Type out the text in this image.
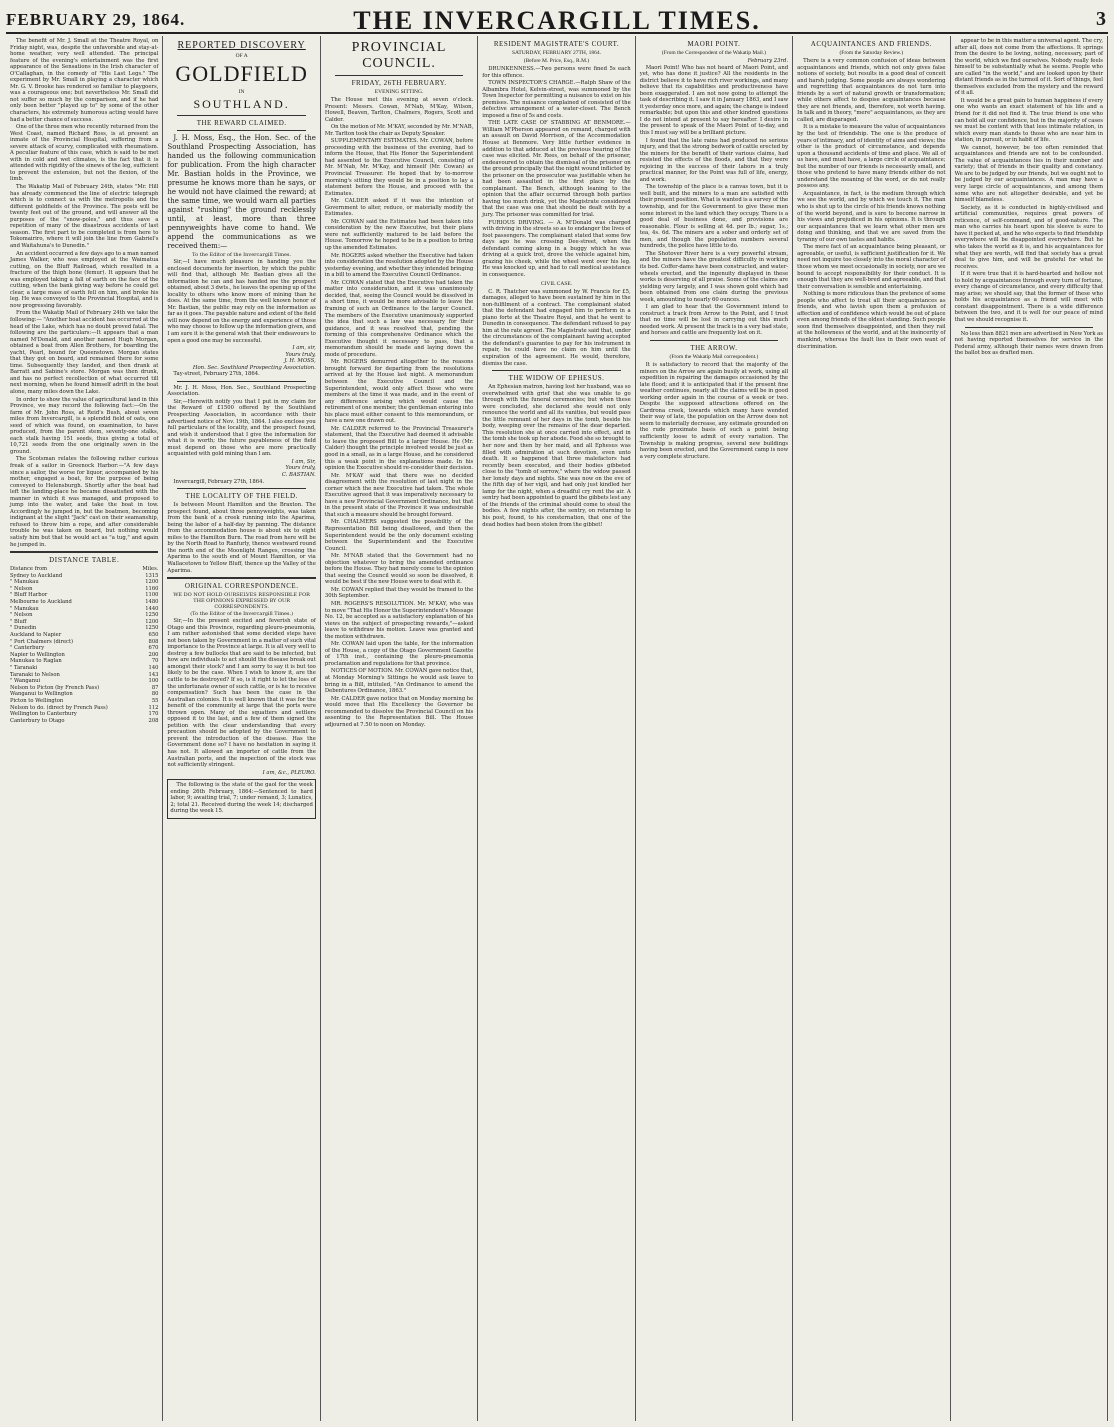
FEBRUARY 29, 1864.	THE INVERCARGILL TIMES.	3

The benefit of Mr. J. Small at the Theatre Royal, on Friday night, was, despite the unfavorable and stay-at-home weather, very well attended. The principal feature of the evening's entertainment was the first appearance of the Sensations in the Irish character of O'Callaghan, in the comedy of "His Last Legs." The experiment by Mr. Small in playing a character which Mr. G. V. Brooke has rendered so familiar to playgoers, was a courageous one; but nevertheless Mr. Small did not suffer so much by the comparison, and if he had only been better "played up to" by some of the other characters, his extremely humorous acting would have had a better chance of success.

One of the three men who recently returned from the West Coast, named Richard Ross, is at present an inmate of the Provincial Hospital, suffering from a severe attack of scurvy, complicated with rheumatism. A peculiar feature of this case, which is said to be met with in cold and wet climates, is the fact that it is attended with rigidity of the sinews of the leg, sufficient to prevent the extension, but not the flexion, of the limb.

The Wakatip Mail of February 24th, states "Mr. Hill has already commenced the line of electric telegraph which is to connect us with the metropolis and the different goldfields of the Province. The posts will be twenty feet out of the ground, and will answer all the purposes of the "snow-poles," and thus save a repetition of many of the disastrous accidents of last season. The first part to be completed is from here to Tokomairiro, where it will join the line from Gabriel's and Waitahuna's to Dunedin."

An accident occurred a few days ago to a man named James Walker, who was employed at the Waimatua cutting, on the Bluff Railroad, which resulted in a fracture of the thigh bone (femur). It appears that he was employed taking a fall of earth on the face of the cutting, when the bank giving way before he could get clear, a large mass of earth fell on him, and broke his leg. He was conveyed to the Provincial Hospital, and is now progressing favorably.

From the Wakatip Mail of February 24th we take the following:— "Another boat accident has occurred at the head of the Lake, which has no doubt proved fatal. The following are the particulars:—It appears that a man named M'Donald, and another named Hugh Morgan, obtained a boat from Allen Brothers, for boarding the yacht, Pearl, bound for Queenstown. Morgan states that they got on board, and remained there for some time. Subsequently they landed, and then drank at Barratt and Sabine's store. Morgan was then drunk, and has no perfect recollection of what occurred till next morning, when he found himself adrift in the boat alone, many miles down the Lake.

In order to show the value of agricultural land in this Province, we may record the following fact:—On the farm of Mr. John Ross, at Reid's Bush, about seven miles from Invercargill, is a splendid field of oats, one seed of which was found, on examination, to have produced, from the parent stem, seventy-one stalks, each stalk having 151 seeds, thus giving a total of 10,721 seeds from the one originally sown in the ground.

The Scotsman relates the following rather curious freak of a sailor in Greenock Harbor:—"A few days since a sailor, the worse for liquor, accompanied by his mother, engaged a boat, for the purpose of being conveyed to Helensburgh. Shortly after the boat had left the landing-place he became dissatisfied with the manner in which it was managed, and proposed to jump into the water, and take the boat in tow. Accordingly he jumped in, but the boatmen, becoming indignant at the slight "Jack" cast on their seamanship, refused to throw him a rope, and after considerable trouble he was taken on board, but nothing would satisfy him but that he would act as "a tug," and again he jumped in.

DISTANCE TABLE.
Distance from	Miles.
Sydney to Auckland	1315
" Manukau	1200
" Nelson	1160
" Bluff Harbor	1100
Melbourne to Auckland	1480
" Manukau	1440
" Nelson	1250
" Bluff	1200
" Dunedin	1250
Auckland to Napier	650
" Port Chalmers (direct)	808
" Canterbury	670
Napier to Wellington	200
Manukau to Raglan	70
" Taranaki	140
Taranaki to Nelson	143
" Wanganui	100
Nelson to Picton (by French Pass)	87
Wanganui to Wellington	80
Picton to Wellington	55
Nelson to do. (direct by French Pass)	112
Wellington to Canterbury	170
Canterbury to Otago	208
REPORTED DISCOVERY
OF A
GOLDFIELD
IN
SOUTHLAND.
THE REWARD CLAIMED.

J. H. Moss, Esq., the Hon. Sec. of the Southland Prospecting Association, has handed us the following communication for publication. From the high character Mr. Bastian holds in the Province, we presume he knows more than he says, or he would not have claimed the reward; at the same time, we would warn all parties against "rushing" the ground recklessly until, at least, more than three pennyweights have come to hand. We append the communications as we received them:—

To the Editor of the Invercargill Times.

Sir,—I have much pleasure in handing you the enclosed documents for insertion, by which the public will find that, although Mr. Bastian gives all the information he can and has handed me the prospect obtained, about 3 dwts., he leaves the opening up of the locality to others who know more of mining than he does. At the same time, from the well known honor of Mr. Bastian, the public may rely on the information as far as it goes. The payable nature and extent of the field will now depend on the energy and experience of those who may choose to follow up the information given, and I am sure it is the general wish that their endeavours to open a good one may be successful.

I am, sir,

Yours truly,

J. H. MOSS,

Hon. Sec. Southland Prospecting Association.

Tay-street, February 27th, 1864.

Mr. J. H. Moss, Hon. Sec., Southland Prospecting Association.

Sir,—Herewith notify you that I put in my claim for the Reward of £1500 offered by the Southland Prospecting Association, in accordance with their advertised notice of Nov. 19th, 1864. I also enclose you full particulars of the locality, and the prospect found, and wish it understood that I give the information for what it is worth; the future payableness of the field must depend on those who are more practically acquainted with gold mining than I am.

I am, Sir,

Yours truly,

C. BASTIAN.

Invercargill, February 27th, 1864.

THE LOCALITY OF THE FIELD.

Is between Mount Hamilton and the Braxton. The prospect found, about three pennyweights, was taken from the bank of a creek running into the Aparima, being the labor of a half-day by panning. The distance from the accommodation house is about six to eight miles to the Hamilton Burn. The road from here will be by the North Road to Ranfurly, thence westward round the north end of the Moonlight Ranges, crossing the Aparima to the south end of Mount Hamilton, or via Wallacetown to Yellow Bluff, thence up the Valley of the Aparima.

ORIGINAL CORRESPONDENCE.

WE DO NOT HOLD OURSELVES RESPONSIBLE FOR THE OPINIONS EXPRESSED BY OUR CORRESPONDENTS.

(To the Editor of the Invercargill Times.)

Sir,—In the present excited and feverish state of Otago and this Province, regarding pleuro-pneumonia, I am rather astonished that some decided steps have not been taken by Government in a matter of such vital importance to the Province at large. It is all very well to destroy a few bullocks that are said to be infected, but how are individuals to act should the disease break out amongst their stock? and I am sorry to say it is but too likely to be the case. When I wish to know it, are the cattle to be destroyed? If so, is it right to let the loss of the unfortunate owner of such cattle, or is he to receive compensation? Such has been the case in the Australian colonies. It is well known that it was for the benefit of the community at large that the ports were thrown open. Many of the squatters and settlers opposed it to the last, and a few of them signed the petition with the clear understanding that every precaution should be adopted by the Government to prevent the introduction of the disease. Has the Government done so? I have no hesitation in saying it has not. It allowed an importer of cattle from the Australian ports, and the inspection of the stock was not sufficiently stringent.

I am, &c., PLEURO.

The following is the state of the gaol for the week ending 26th February, 1864:—Sentenced to hard labor, 9; awaiting trial, 7; under remand, 3; Lunatics, 2; total 21. Received during the week 14; discharged during the week 15.

PROVINCIAL COUNCIL.
FRIDAY, 26TH FEBRUARY.
EVENING SITTING.

The House met this evening at seven o'clock. Present: Messrs. Cowan, M'Nab, M'Kay, Wilson, Howell, Beaven, Tarlton, Chalmers, Rogers, Scott and Calder.

On the motion of Mr. M'KAY, seconded by Mr. M'NAB, Mr. Tarlton took the chair as Deputy Speaker.

SUPPLEMENTARY ESTIMATES. Mr. COWAN, before proceeding with the business of the evening, had to inform the House, that His Honor the Superintendent had assented to the Executive Council, consisting of Mr. M'Nab, Mr. M'Kay, and himself (Mr. Cowan) as Provincial Treasurer. He hoped that by to-morrow morning's sitting they would be in a position to lay a statement before the House, and proceed with the Estimates.

Mr. CALDER asked if it was the intention of Government to alter, reduce, or materially modify the Estimates.

Mr. COWAN said the Estimates had been taken into consideration by the new Executive, but their plans were not sufficiently matured to be laid before the House. Tomorrow he hoped to be in a position to bring up the amended Estimates.

Mr. ROGERS asked whether the Executive had taken into consideration the resolution adopted by the House yesterday evening, and whether they intended bringing in a bill to amend the Executive Council Ordinance.

Mr. COWAN stated that the Executive had taken the matter into consideration, and it was unanimously decided, that, seeing the Council would be dissolved in a short time, it would be more advisable to leave the framing of such an Ordinance to the larger Council. The members of the Executive unanimously supported the idea that such a law was necessary for their guidance, and it was resolved that, pending the forming of this comprehensive Ordinance which the Executive thought it necessary to pass, that a memorandum should be made and laying down the mode of procedure.

Mr. ROGERS demurred altogether to the reasons brought forward for departing from the resolutions arrived at by the House last night. A memorandum between the Executive Council and the Superintendent, would only affect those who were members at the time it was made, and in the event of any difference arising which would cause the retirement of one member, the gentleman entering into his place must either consent to this memorandum, or have a new one drawn out.

Mr. CALDER referred to the Provincial Treasurer's statement, that the Executive had deemed it advisable to leave the proposed Bill to a larger House. He (Mr. Calder) thought the principle involved would be just as good in a small, as in a large House, and he considered this a weak point in the explanations made. In his opinion the Executive should re-consider their decision.

Mr. M'KAY said that there was no decided disagreement with the resolution of last night in the corner which the new Executive had taken. The whole Executive agreed that it was imperatively necessary to have a new Provincial Government Ordinance, but that in the present state of the Province it was undesirable that such a measure should be brought forward.

Mr. CHALMERS suggested the possibility of the Representation Bill being disallowed, and then the Superintendent would be the only document existing between the Superintendent and the Executive Council.

Mr. M'NAB stated that the Government had no objection whatever to bring the amended ordinance before the House. They had merely come to the opinion that seeing the Council would so soon be dissolved, it would be best if the new House were to deal with it.

Mr. COWAN replied that they would be framed to the 30th September.

MR. ROGERS'S RESOLUTION. Mr. M'KAY, who was to move "That His Honor the Superintendent's Message No. 12, be accepted as a satisfactory explanation of his views on the subject of prospecting rewards,"—asked leave to withdraw his motion. Leave was granted and the motion withdrawn.

Mr. COWAN laid upon the table, for the information of the House, a copy of the Otago Government Gazette of 17th inst., containing the pleuro-pneumonia proclamation and regulations for that province.

NOTICES OF MOTION. Mr. COWAN gave notice that, at Monday Morning's Sittings he would ask leave to bring in a Bill, intituled, "An Ordinance to amend the Debentures Ordinance, 1863."

Mr. CALDER gave notice that on Monday morning he would move that His Excellency the Governor be recommended to dissolve the Provincial Council on his assenting to the Representation Bill. The House adjourned at 7.50 to noon on Monday.

RESIDENT MAGISTRATE'S COURT.
SATURDAY, FEBRUARY 27TH, 1864.
(Before M. Price, Esq., R.M.)

DRUNKENNESS.—Two persons were fined 5s each for this offence.

TOWN INSPECTOR'S CHARGE.—Ralph Shaw of the Albambra Hotel, Kelvin-street, was summoned by the Town Inspector for permitting a nuisance to exist on his premises. The nuisance complained of consisted of the defective arrangement of a water-closet. The Bench imposed a fine of 5s and costs.

THE LATE CASE OF STABBING AT BENMORE.—William M'Pherson appeared on remand, charged with an assault on David Morrison, of the Accommodation House at Benmore. Very little further evidence in addition to that adduced at the previous hearing of the case was elicited. Mr. Rees, on behalf of the prisoner, endeavoured to obtain the dismissal of the prisoner on the ground principally that the night wound inflicted by the prisoner on the prosecutor was justifiable when he had been assaulted in the first place by the complainant. The Bench, although leaning to the opinion that the affair occurred through both parties having too much drink, yet the Magistrate considered that the case was one that should be dealt with by a jury. The prisoner was committed for trial.

FURIOUS DRIVING. — A. M'Donald was charged with driving in the streets so as to endanger the lives of foot passengers. The complainant stated that some few days ago he was crossing Dee-street, when the defendant coming along in a buggy which he was driving at a quick trot, drove the vehicle against him, grazing his cheek, while the wheel went over his leg. He was knocked up, and had to call medical assistance in consequence.

CIVIL CASE.

C. R. Thatcher was summoned by W. Francis for £5, damages, alleged to have been sustained by him in the non-fulfilment of a contract. The complainant stated that the defendant had engaged him to perform in a piano forte at the Theatre Royal, and that he went to Dunedin in consequence. The defendant refused to pay him at the rate agreed. The Magistrate said that, under the circumstances of the complainant having accepted the defendant's guarantee to pay for his instrument in repair, he could have no claim on him until the expiration of the agreement. He would, therefore, dismiss the case.

THE WIDOW OF EPHESUS.

An Ephesian matron, having lost her husband, was so overwhelmed with grief that she was unable to go through with the funeral ceremonies; but when these were concluded, she declared she would not only renounce the world and all its vanities, but would pass the little remnant of her days in the tomb, beside his body, weeping over the remains of the dear departed. This resolution she at once carried into effect, and in the tomb she took up her abode. Food she so brought to her now and then by her maid, and all Ephesus was filled with admiration at such devotion, even unto death. It so happened that three malefactors had recently been executed, and their bodies gibbeted close to the "tomb of sorrow," where the widow passed her lonely days and nights. She was now on the eve of the fifth day of her vigil, and had only just kindled her lamp for the night, when a dreadful cry rent the air. A sentry had been appointed to guard the gibbets lest any of the friends of the criminal should come to steal the bodies. A few nights after, the sentry, on returning to his post, found, to his consternation, that one of the dead bodies had been stolen from the gibbet!

MAORI POINT.
(From the Correspondent of the Wakatip Mail.)

February 23rd.

Maori Point! Who has not heard of Maori Point, and yet, who has done it justice? All the residents in the district believe it to have rich river workings, and many believe that its capabilities and productiveness have been exaggerated. I am not now going to attempt the task of describing it. I saw it in January 1863, and I saw it yesterday once more, and again; the change is indeed remarkable; but upon this and other kindred questions I do not intend at present to say hereafter. I desire in the present to speak of the Maori Point of to-day, and this I must say will be a brilliant picture.

I found that the late rains had produced no serious injury, and that the strong bedwork of cattle erected by the miners for the benefit of their various claims, had resisted the effects of the floods, and that they were rejoicing in the success of their labors in a truly practical manner, for the Point was full of life, energy, and work.

The township of the place is a canvas town, but it is well built, and the miners to a man are satisfied with their present position. What is wanted is a survey of the township, and for the Government to give these men some interest in the land which they occupy. There is a good deal of business done, and provisions are reasonable. Flour is selling at 4d. per lb.; sugar, 1s.; tea, 4s. 6d. The miners are a sober and orderly set of men, and though the population numbers several hundreds, the police have little to do.

The Shotover River here is a very powerful stream, and the miners have the greatest difficulty in working its bed. Coffer-dams have been constructed, and water-wheels erected, and the ingenuity displayed in these works is deserving of all praise. Some of the claims are yielding very largely, and I was shown gold which had been obtained from one claim during the previous week, amounting to nearly 60 ounces.

I am glad to hear that the Government intend to construct a track from Arrow to the Point, and I trust that no time will be lost in carrying out this much needed work. At present the track is in a very bad state, and horses and cattle are frequently lost on it.

THE ARROW.
(From the Wakatip Mail correspondent.)

It is satisfactory to record that the majority of the miners on the Arrow are again busily at work, using all expedition in repairing the damages occasioned by the late flood; and it is anticipated that if the present fine weather continues, nearly all the claims will be in good working order again in the course of a week or two. Despite the supposed attractions offered on the Cardrona creek, towards which many have wended their way of late, the population on the Arrow does not seem to materially decrease, any estimate grounded on the rude proximate basis of such a point being sufficiently loose to admit of every variation. The Township is making progress, several new buildings having been erected, and the Government camp is now a very complete structure.

ACQUAINTANCES AND FRIENDS.
(From the Saturday Review.)

There is a very common confusion of ideas between acquaintances and friends, which not only gives false notions of society, but results in a good deal of conceit and harsh judging. Some people are always wondering and regretting that acquaintances do not turn into friends by a sort of natural growth or transformation; while others affect to despise acquaintances because they are not friends, and, therefore, not worth having. In talk and in theory, "mere" acquaintances, as they are called, are disparaged.

It is a mistake to measure the value of acquaintances by the test of friendship. The one is the produce of years of intimacy, and of identity of aims and views; the other is the product of circumstance, and depends upon a thousand accidents of time and place. We all of us have, and must have, a large circle of acquaintance; but the number of our friends is necessarily small, and those who pretend to have many friends either do not understand the meaning of the word, or do not really possess any.

Acquaintance, in fact, is the medium through which we see the world, and by which we touch it. The man who is shut up to the circle of his friends knows nothing of the world beyond, and is sure to become narrow in his views and prejudiced in his opinions. It is through our acquaintances that we learn what other men are doing and thinking, and that we are saved from the tyranny of our own tastes and habits.

The mere fact of an acquaintance being pleasant, or agreeable, or useful, is sufficient justification for it. We need not inquire too closely into the moral character of those whom we meet occasionally in society, nor are we bound to accept responsibility for their conduct. It is enough that they are well-bred and agreeable, and that their conversation is sensible and entertaining.

Nothing is more ridiculous than the pretence of some people who affect to treat all their acquaintances as friends, and who lavish upon them a profusion of affection and of confidence which would be out of place even among friends of the oldest standing. Such people soon find themselves disappointed, and then they rail at the hollowness of the world, and at the insincerity of mankind, whereas the fault lies in their own want of discrimination.

appear to be in this matter a universal agent. The cry, after all, does not come from the affections. It springs from the desire to be loving, noting, necessary, part of the world, which we find ourselves. Nobody really feels himself to be substantially what he seems. People who are called "in the world," and are looked upon by their distant friends as in the turmoil of it. Sort of things, feel themselves excluded from the mystery and the reward of it all.

It would be a great gain to human happiness if every one who wants an exact statement of his life and a friend for it did not find it. The true friend is one who can hold all our confidence, but in the majority of cases we must be content with that less intimate relation, in which every man stands to those who are near him in station, in pursuit, or in habit of life.

We cannot, however, be too often reminded that acquaintances and friends are not to be confounded. The value of acquaintances lies in their number and variety; that of friends in their quality and constancy. We are to be judged by our friends, but we ought not to be judged by our acquaintances. A man may have a very large circle of acquaintances, and among them some who are not altogether desirable, and yet be himself blameless.

Society, as it is conducted in highly-civilised and artificial communities, requires great powers of reticence, of self-command, and of good-nature. The man who carries his heart upon his sleeve is sure to have it pecked at, and he who expects to find friendship everywhere will be disappointed everywhere. But he who takes the world as it is, and his acquaintances for what they are worth, will find that society has a great deal to give him, and will be grateful for what he receives.

If it were true that it is hard-hearted and hollow not to hold by acquaintances through every turn of fortune, every change of circumstance, and every difficulty that may arise; we should say, that the former of these who holds his acquaintance as a friend will meet with constant disappointment. There is a wide difference between the two, and it is well for our peace of mind that we should recognise it.

No less than 8821 men are advertised in New York as not having reported themselves for service in the Federal army, although their names were drawn from the ballot box as drafted men.
